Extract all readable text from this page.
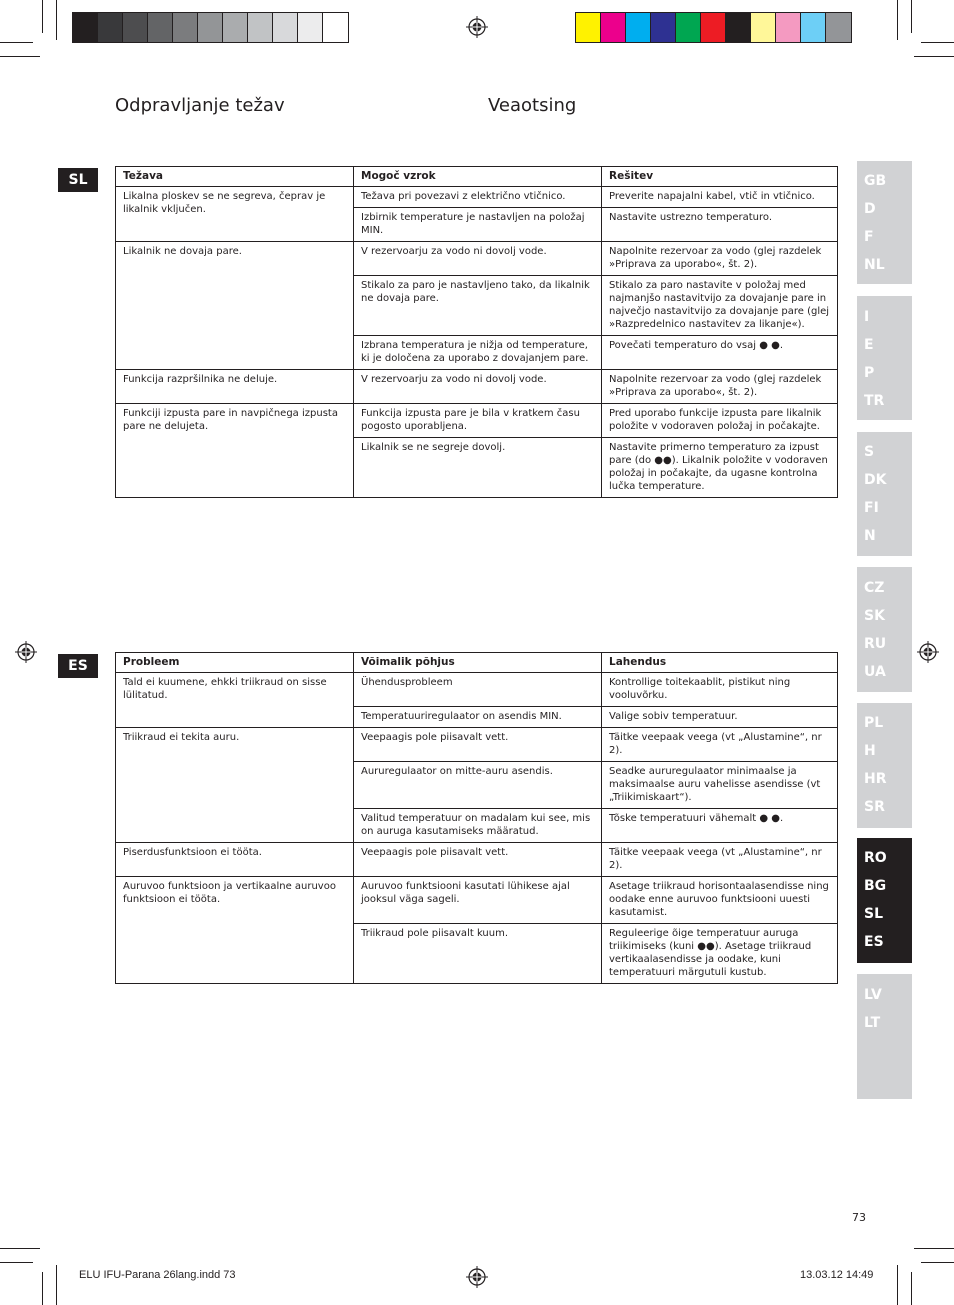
Odpravljanje težav	Veaotsing
SL	Težava	Mogoč vzrok	Rešitev
Likalna ploskev se ne segreva, čeprav je likalnik vključen.	Težava pri povezavi z električno vtičnico.	Preverite napajalni kabel, vtič in vtičnico.
	Izbirnik temperature je nastavljen na položaj MIN.	Nastavite ustrezno temperaturo.
Likalnik ne dovaja pare.	V rezervoarju za vodo ni dovolj vode.	Napolnite rezervoar za vodo (glej razdelek »Priprava za uporabo«, št. 2).
	Stikalo za paro je nastavljeno tako, da likalnik ne dovaja pare.	Stikalo za paro nastavite v položaj med najmanjšo nastavitvijo za dovajanje pare in največjo nastavitvijo za dovajanje pare (glej »Razpredelnico nastavitev za likanje«).
	Izbrana temperatura je nižja od temperature, ki je določena za uporabo z dovajanjem pare.	Povečati temperaturo do vsaj ● ●.
Funkcija razpršilnika ne deluje.	V rezervoarju za vodo ni dovolj vode.	Napolnite rezervoar za vodo (glej razdelek »Priprava za uporabo«, št. 2).
Funkciji izpusta pare in navpičnega izpusta pare ne delujeta.	Funkcija izpusta pare je bila v kratkem času pogosto uporabljena.	Pred uporabo funkcije izpusta pare likalnik položite v vodoraven položaj in počakajte.
	Likalnik se ne segreje dovolj.	Nastavite primerno temperaturo za izpust pare (do ●●). Likalnik položite v vodoraven položaj in počakajte, da ugasne kontrolna lučka temperature.
ES	Probleem	Võimalik põhjus	Lahendus
Tald ei kuumene, ehkki triikraud on sisse lülitatud.	Ühendusprobleem	Kontrollige toitekaablit, pistikut ning vooluvõrku.
	Temperatuuriregulaator on asendis MIN.	Valige sobiv temperatuur.
Triikraud ei tekita auru.	Veepaagis pole piisavalt vett.	Täitke veepaak veega (vt „Alustamine“, nr 2).
	Aururegulaator on mitte-auru asendis.	Seadke aururegulaator minimaalse ja maksimaalse auru vahelisse asendisse (vt „Triikimiskaart“).
	Valitud temperatuur on madalam kui see, mis on auruga kasutamiseks määratud.	Tõske temperatuuri vähemalt ● ●.
Piserdusfunktsioon ei tööta.	Veepaagis pole piisavalt vett.	Täitke veepaak veega (vt „Alustamine“, nr 2).
Auruvoo funktsioon ja vertikaalne auruvoo funktsioon ei tööta.	Auruvoo funktsiooni kasutati lühikese ajal jooksul väga sageli.	Asetage triikraud horisontaalasendisse ning oodake enne auruvoo funktsiooni uuesti kasutamist.
	Triikraud pole piisavalt kuum.	Reguleerige õige temperatuur auruga triikimiseks (kuni ●●). Asetage triikraud vertikaalasendisse ja oodake, kuni temperatuuri märgutuli kustub.
GB
D
F
NL
I
E
P
TR
S
DK
FI
N
CZ
SK
RU
UA
PL
H
HR
SR
RO
BG
SL
ES
LV
LT
73
ELU IFU-Parana 26lang.indd 73	13.03.12 14:49
